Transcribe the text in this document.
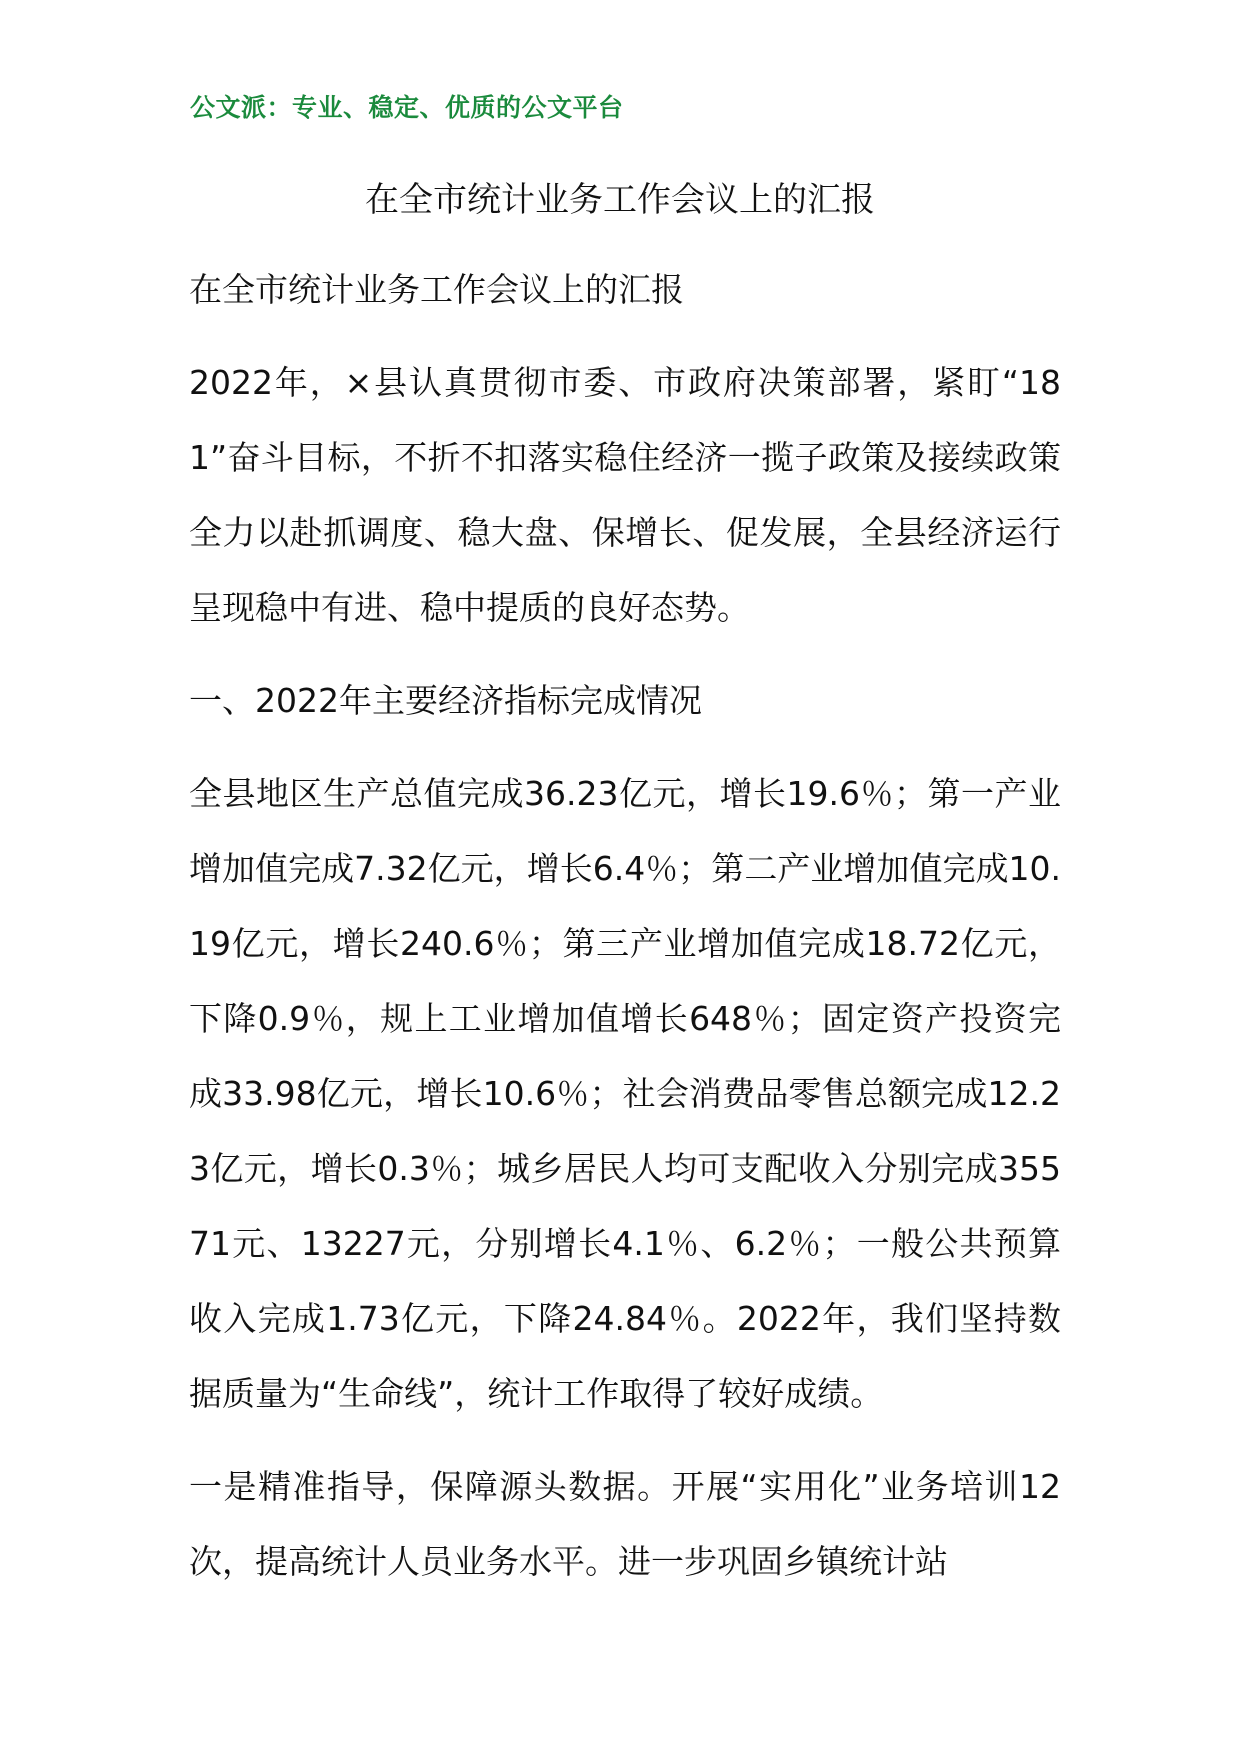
公文派：专业、稳定、优质的公文平台
在全市统计业务工作会议上的汇报

在全市统计业务工作会议上的汇报

2022年，×县认真贯彻市委、市政府决策部署，紧盯“181”奋斗目标，不折不扣落实稳住经济一揽子政策及接续政策全力以赴抓调度、稳大盘、保增长、促发展，全县经济运行呈现稳中有进、稳中提质的良好态势。

一、2022年主要经济指标完成情况

全县地区生产总值完成36.23亿元，增长19.6％；第一产业增加值完成7.32亿元，增长6.4％；第二产业增加值完成10.19亿元，增长240.6％；第三产业增加值完成18.72亿元，下降0.9％，规上工业增加值增长648％；固定资产投资完成33.98亿元，增长10.6％；社会消费品零售总额完成12.23亿元，增长0.3％；城乡居民人均可支配收入分别完成35571元、13227元，分别增长4.1％、6.2％；一般公共预算收入完成1.73亿元，下降24.84％。2022年，我们坚持数据质量为“生命线”，统计工作取得了较好成绩。

一是精准指导，保障源头数据。开展“实用化”业务培训12次，提高统计人员业务水平。进一步巩固乡镇统计站
